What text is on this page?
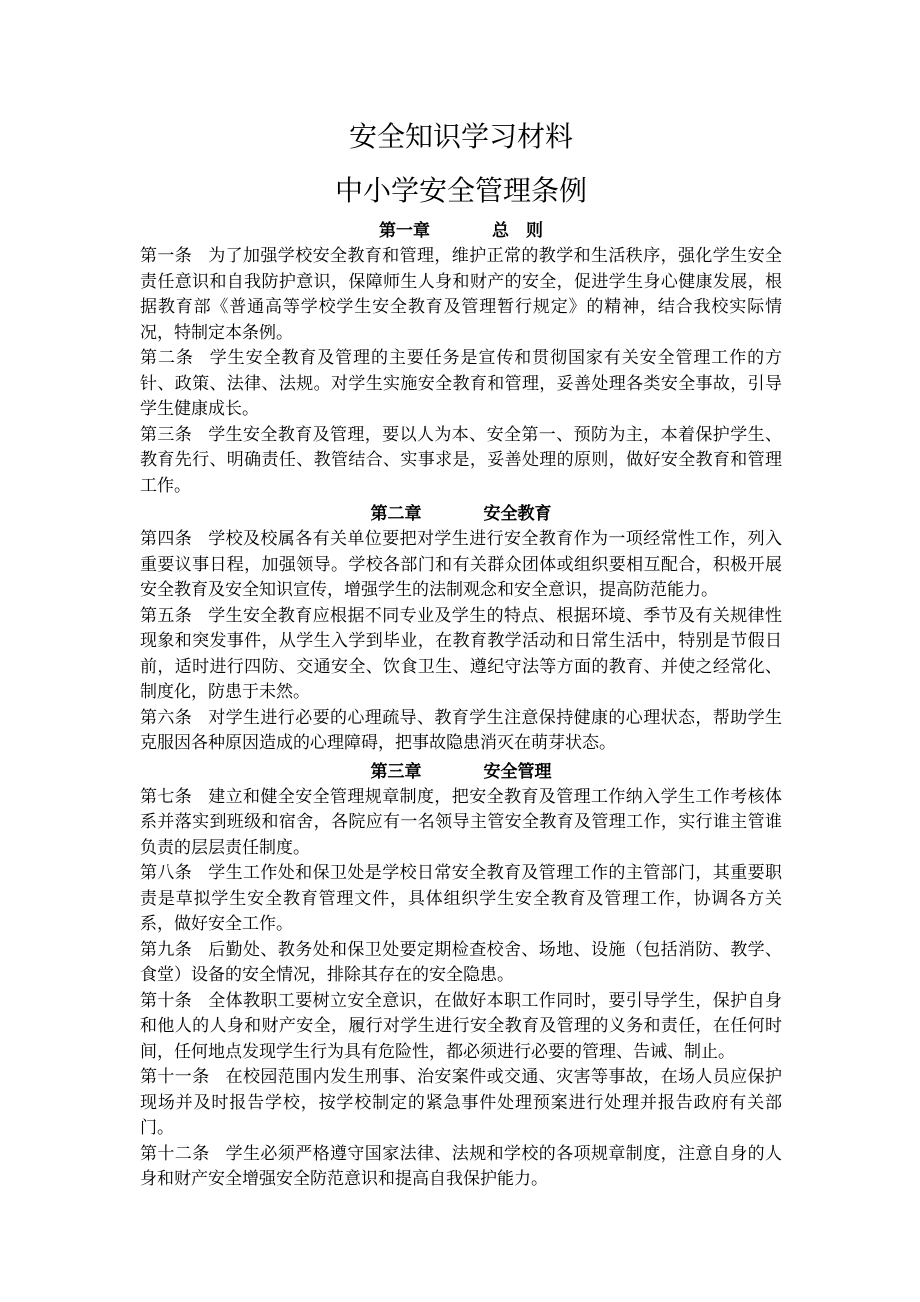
安全知识学习材料
中小学安全管理条例
第一章	总　则

第一条 为了加强学校安全教育和管理，维护正常的教学和生活秩序，强化学生安全责任意识和自我防护意识，保障师生人身和财产的安全，促进学生身心健康发展，根据教育部《普通高等学校学生安全教育及管理暂行规定》的精神，结合我校实际情况，特制定本条例。

第二条 学生安全教育及管理的主要任务是宣传和贯彻国家有关安全管理工作的方针、政策、法律、法规。对学生实施安全教育和管理，妥善处理各类安全事故，引导学生健康成长。

第三条 学生安全教育及管理，要以人为本、安全第一、预防为主，本着保护学生、教育先行、明确责任、教管结合、实事求是，妥善处理的原则，做好安全教育和管理工作。

第二章	安全教育

第四条 学校及校属各有关单位要把对学生进行安全教育作为一项经常性工作，列入重要议事日程，加强领导。学校各部门和有关群众团体或组织要相互配合，积极开展安全教育及安全知识宣传，增强学生的法制观念和安全意识，提高防范能力。

第五条 学生安全教育应根据不同专业及学生的特点、根据环境、季节及有关规律性现象和突发事件，从学生入学到毕业，在教育教学活动和日常生活中，特别是节假日前，适时进行四防、交通安全、饮食卫生、遵纪守法等方面的教育、并使之经常化、制度化，防患于未然。

第六条 对学生进行必要的心理疏导、教育学生注意保持健康的心理状态，帮助学生克服因各种原因造成的心理障碍，把事故隐患消灭在萌芽状态。

第三章	安全管理

第七条 建立和健全安全管理规章制度，把安全教育及管理工作纳入学生工作考核体系并落实到班级和宿舍，各院应有一名领导主管安全教育及管理工作，实行谁主管谁负责的层层责任制度。

第八条 学生工作处和保卫处是学校日常安全教育及管理工作的主管部门，其重要职责是草拟学生安全教育管理文件，具体组织学生安全教育及管理工作，协调各方关系，做好安全工作。

第九条 后勤处、教务处和保卫处要定期检查校舍、场地、设施（包括消防、教学、食堂）设备的安全情况，排除其存在的安全隐患。

第十条 全体教职工要树立安全意识，在做好本职工作同时，要引导学生，保护自身和他人的人身和财产安全，履行对学生进行安全教育及管理的义务和责任，在任何时间，任何地点发现学生行为具有危险性，都必须进行必要的管理、告诫、制止。

第十一条 在校园范围内发生刑事、治安案件或交通、灾害等事故，在场人员应保护现场并及时报告学校，按学校制定的紧急事件处理预案进行处理并报告政府有关部门。

第十二条 学生必须严格遵守国家法律、法规和学校的各项规章制度，注意自身的人身和财产安全增强安全防范意识和提高自我保护能力。
